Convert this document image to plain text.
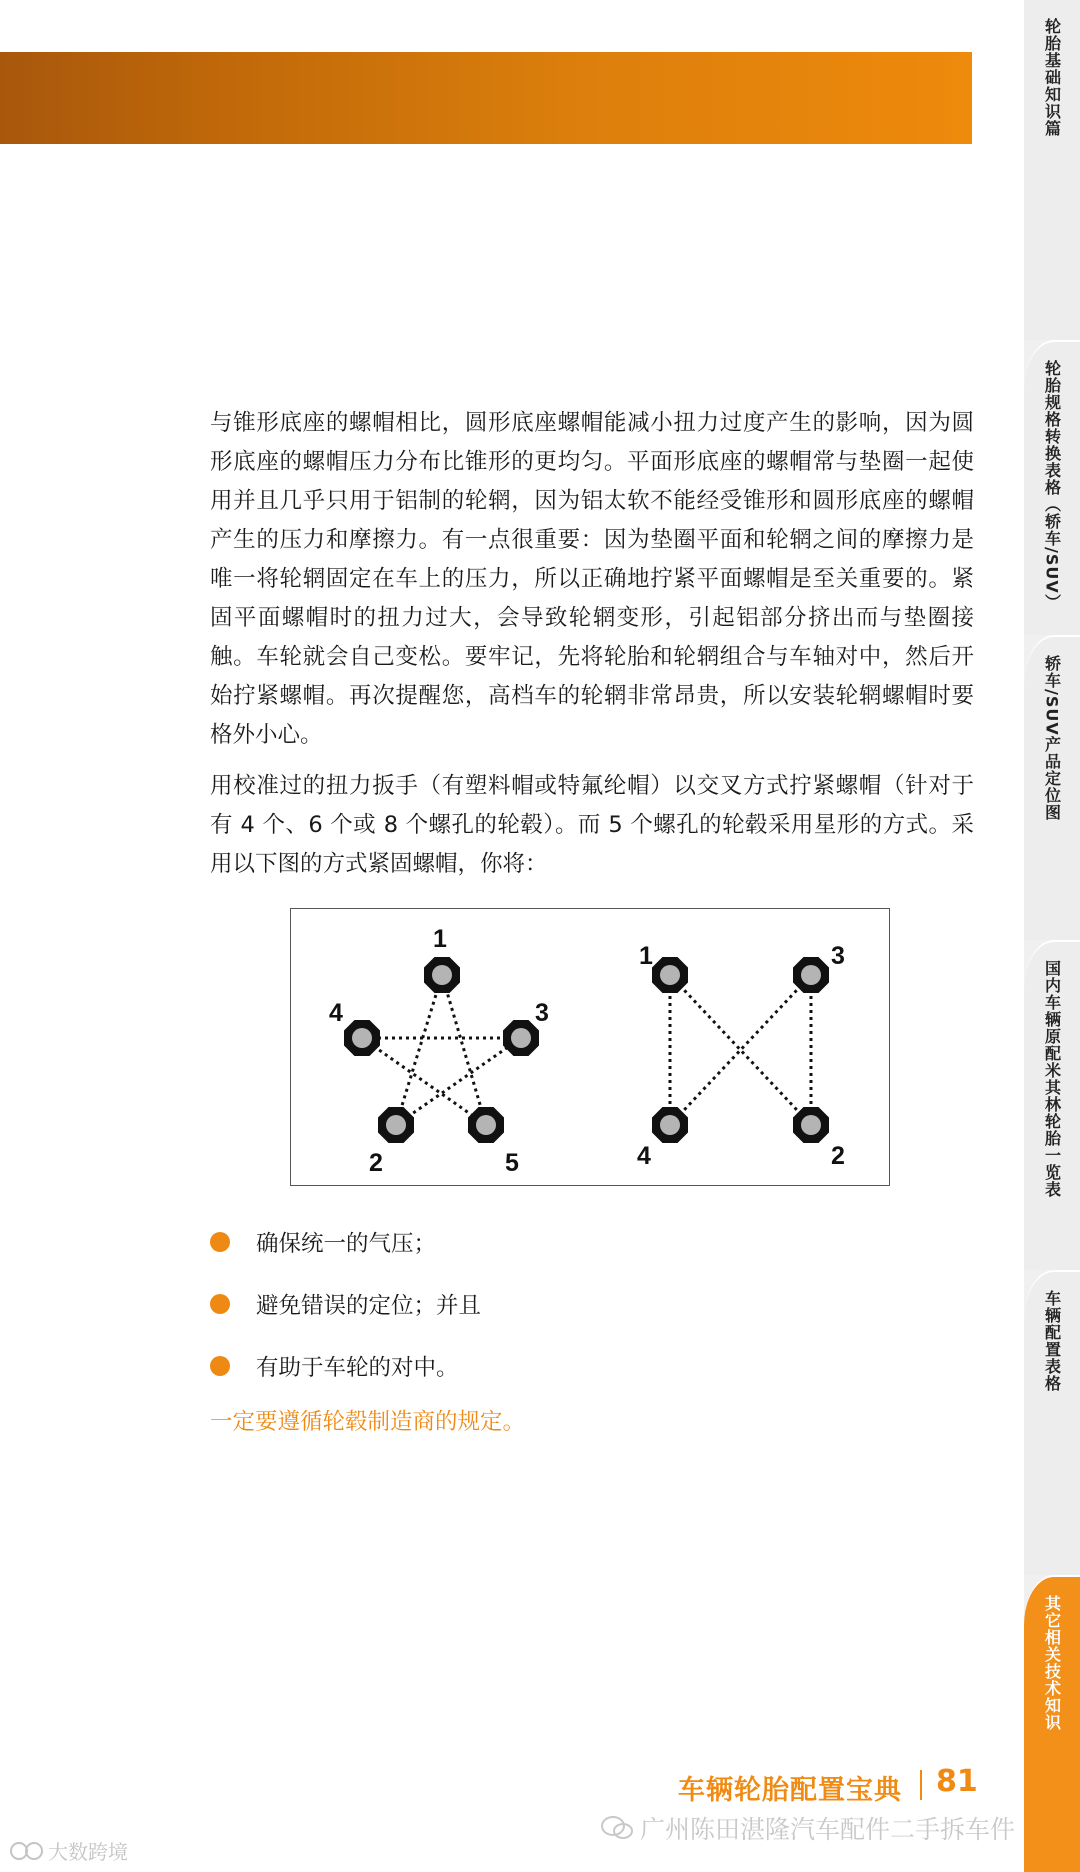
轮胎基础知识篇
轮胎规格转换表格（轿车/SUV）
轿车/SUV产品定位图
国内车辆原配米其林轮胎一览表
车辆配置表格
其它相关技术知识

与锥形底座的螺帽相比，圆形底座螺帽能减小扭力过度产生的影响，因为圆形底座的螺帽压力分布比锥形的更均匀。平面形底座的螺帽常与垫圈一起使用并且几乎只用于铝制的轮辋，因为铝太软不能经受锥形和圆形底座的螺帽产生的压力和摩擦力。有一点很重要：因为垫圈平面和轮辋之间的摩擦力是唯一将轮辋固定在车上的压力，所以正确地拧紧平面螺帽是至关重要的。紧固平面螺帽时的扭力过大，会导致轮辋变形，引起铝部分挤出而与垫圈接触。车轮就会自己变松。要牢记，先将轮胎和轮辋组合与车轴对中，然后开始拧紧螺帽。再次提醒您，高档车的轮辋非常昂贵，所以安装轮辋螺帽时要格外小心。

用校准过的扭力扳手（有塑料帽或特氟纶帽）以交叉方式拧紧螺帽（针对于有 4 个、6 个或 8 个螺孔的轮毂）。而 5 个螺孔的轮毂采用星形的方式。采用以下图的方式紧固螺帽，你将：

1
2
3
4
5
1
2
3
4
确保统一的气压；
避免错误的定位；并且
有助于车轮的对中。
一定要遵循轮毂制造商的规定。
车辆轮胎配置宝典 81
广州陈田湛隆汽车配件二手拆车件
大数跨境
